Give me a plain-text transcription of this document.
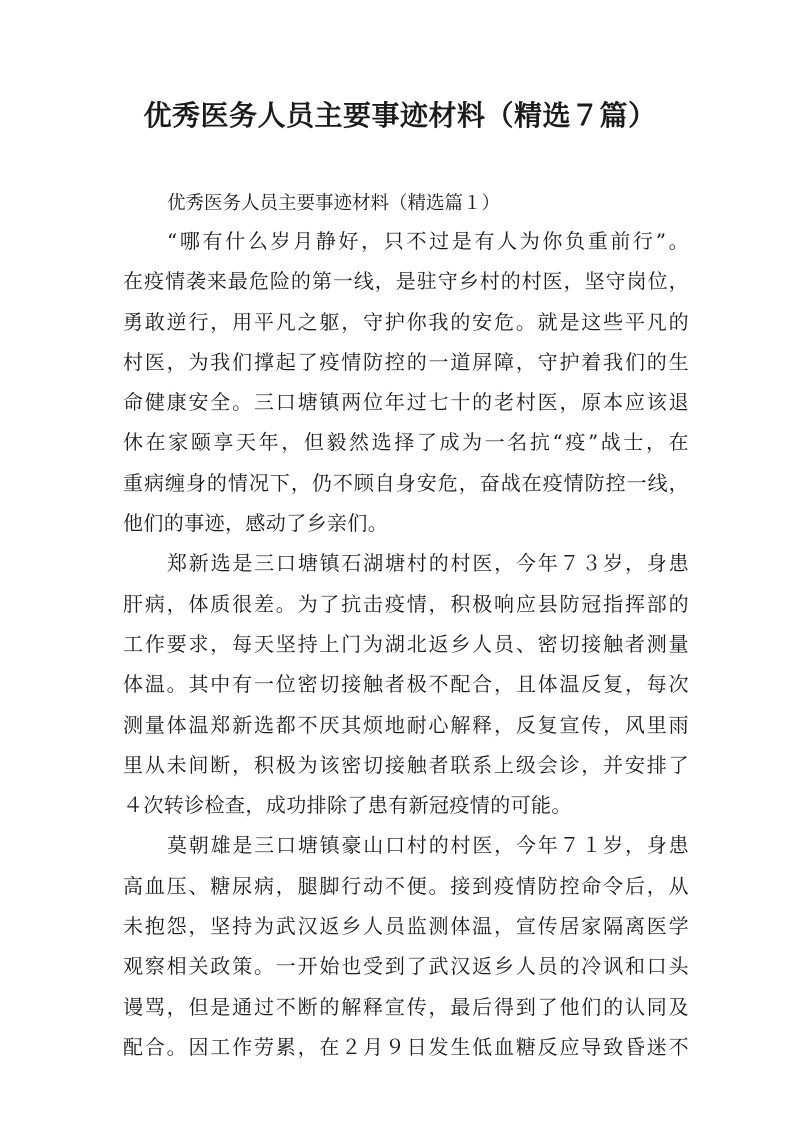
优秀医务人员主要事迹材料（精选７篇）

优秀医务人员主要事迹材料（精选篇１）

“哪有什么岁月静好，只不过是有人为你负重前行”。
在疫情袭来最危险的第一线，是驻守乡村的村医，坚守岗位，
勇敢逆行，用平凡之躯，守护你我的安危。就是这些平凡的
村医，为我们撑起了疫情防控的一道屏障，守护着我们的生
命健康安全。三口塘镇两位年过七十的老村医，原本应该退
休在家颐享天年，但毅然选择了成为一名抗“疫”战士，在
重病缠身的情况下，仍不顾自身安危，奋战在疫情防控一线，
他们的事迹，感动了乡亲们。

郑新选是三口塘镇石湖塘村的村医，今年７３岁，身患
肝病，体质很差。为了抗击疫情，积极响应县防冠指挥部的
工作要求，每天坚持上门为湖北返乡人员、密切接触者测量
体温。其中有一位密切接触者极不配合，且体温反复，每次
测量体温郑新选都不厌其烦地耐心解释，反复宣传，风里雨
里从未间断，积极为该密切接触者联系上级会诊，并安排了
４次转诊检查，成功排除了患有新冠疫情的可能。

莫朝雄是三口塘镇豪山口村的村医，今年７１岁，身患
高血压、糖尿病，腿脚行动不便。接到疫情防控命令后，从
未抱怨，坚持为武汉返乡人员监测体温，宣传居家隔离医学
观察相关政策。一开始也受到了武汉返乡人员的冷讽和口头
谩骂，但是通过不断的解释宣传，最后得到了他们的认同及
配合。因工作劳累，在２月９日发生低血糖反应导致昏迷不
